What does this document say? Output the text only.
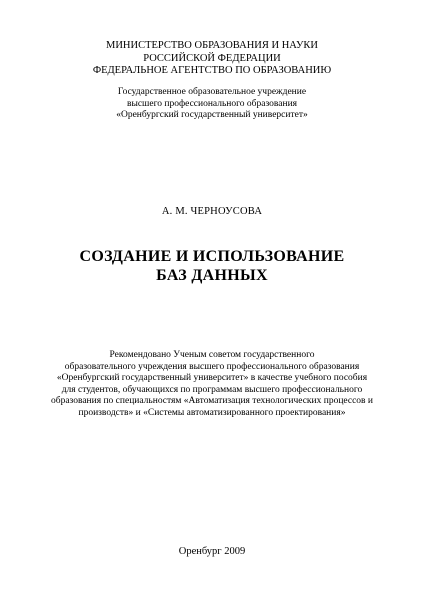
МИНИСТЕРСТВО ОБРАЗОВАНИЯ И НАУКИ
РОССИЙСКОЙ ФЕДЕРАЦИИ
ФЕДЕРАЛЬНОЕ АГЕНТСТВО ПО ОБРАЗОВАНИЮ
Государственное образовательное учреждение
высшего профессионального образования
«Оренбургский государственный университет»
А. М. ЧЕРНОУСОВА
СОЗДАНИЕ И ИСПОЛЬЗОВАНИЕ
БАЗ ДАННЫХ
Рекомендовано Ученым советом государственного
образовательного учреждения высшего профессионального образования
«Оренбургский государственный университет» в качестве учебного пособия
для студентов, обучающихся по программам высшего профессионального
образования по специальностям «Автоматизация технологических процессов и
производств» и «Системы автоматизированного проектирования»
Оренбург 2009
